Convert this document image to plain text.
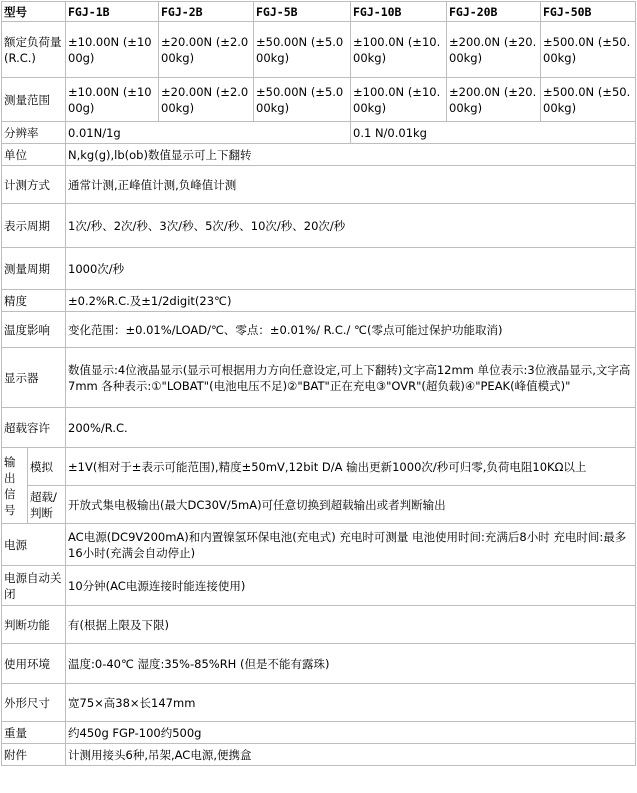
型号		FGJ-1B	FGJ-2B	FGJ-5B	FGJ-10B	FGJ-20B	FGJ-50B
额定负荷量(R.C.)		±10.00N (±1000g)	±20.00N (±2.000kg)	±50.00N (±5.000kg)	±100.0N (±10.00kg)	±200.0N (±20.00kg)	±500.0N (±50.00kg)
测量范围		±10.00N (±1000g)	±20.00N (±2.000kg)	±50.00N (±5.000kg)	±100.0N (±10.00kg)	±200.0N (±20.00kg)	±500.0N (±50.00kg)
分辨率		0.01N/1g			0.1 N/0.01kg		
单位		N,kg(g),lb(ob)数值显示可上下翻转					
计测方式		通常计测,正峰值计测,负峰值计测					
表示周期		1次/秒、2次/秒、3次/秒、5次/秒、10次/秒、20次/秒					
测量周期		1000次/秒					
精度		±0.2%R.C.及±1/2digit(23℃)					
温度影响		变化范围：±0.01%/LOAD/℃、零点：±0.01%/ R.C./ ℃(零点可能过保护功能取消)					
显示器		数值显示:4位液晶显示(显示可根据用力方向任意设定,可上下翻转)文字高12mm 单位表示:3位液晶显示,文字高7mm 各种表示:①"LOBAT"(电池电压不足)②"BAT"正在充电③"OVR"(超负载)④"PEAK(峰值模式)"					
超载容许		200%/R.C.					
输出信号	模拟	±1V(相对于±表示可能范围),精度±50mV,12bit D/A 输出更新1000次/秒可归零,负荷电阻10KΩ以上					
	超载/判断	开放式集电极输出(最大DC30V/5mA)可任意切换到超载输出或者判断输出					
电源		AC电源(DC9V200mA)和内置镍氢环保电池(充电式) 充电时可测量 电池使用时间:充满后8小时 充电时间:最多16小时(充满会自动停止)					
电源自动关闭		10分钟(AC电源连接时能连接使用)					
判断功能		有(根据上限及下限)					
使用环境		温度:0-40℃ 湿度:35%-85%RH (但是不能有露珠)					
外形尺寸		宽75×高38×长147mm					
重量		约450g FGP-100约500g					
附件		计测用接头6种,吊架,AC电源,便携盒					
